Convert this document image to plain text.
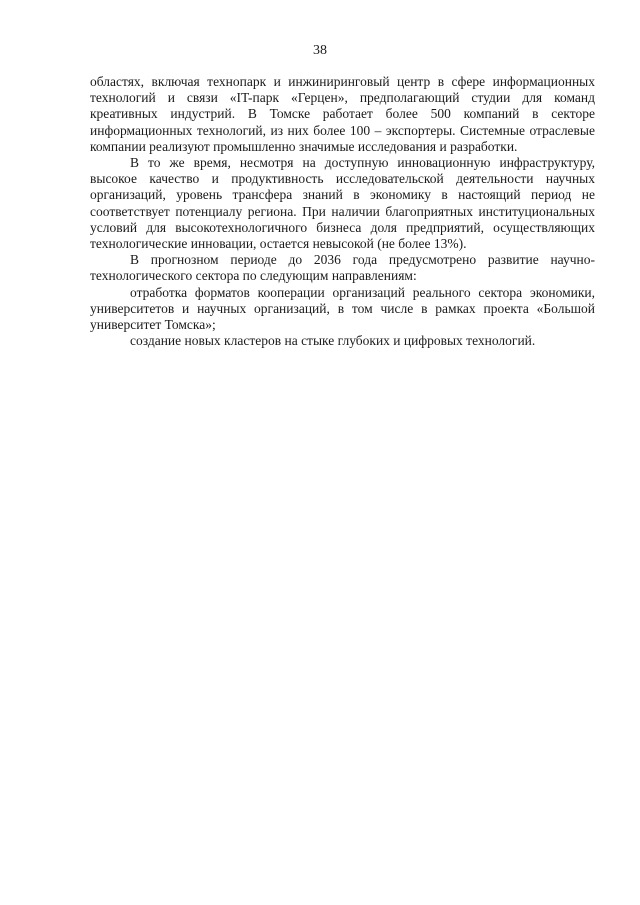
38

областях, включая технопарк и инжиниринговый центр в сфере информационных технологий и связи «IT-парк «Герцен», предполагающий студии для команд креативных индустрий. В Томске работает более 500 компаний в секторе информационных технологий, из них более 100 – экспортеры. Системные отраслевые компании реализуют промышленно значимые исследования и разработки.

В то же время, несмотря на доступную инновационную инфраструктуру, высокое качество и продуктивность исследовательской деятельности научных организаций, уровень трансфера знаний в экономику в настоящий период не соответствует потенциалу региона. При наличии благоприятных институциональных условий для высокотехнологичного бизнеса доля предприятий, осуществляющих технологические инновации, остается невысокой (не более 13%).

В прогнозном периоде до 2036 года предусмотрено развитие научно-технологического сектора по следующим направлениям:

отработка форматов кооперации организаций реального сектора экономики, университетов и научных организаций, в том числе в рамках проекта «Большой университет Томска»;

создание новых кластеров на стыке глубоких и цифровых технологий.
